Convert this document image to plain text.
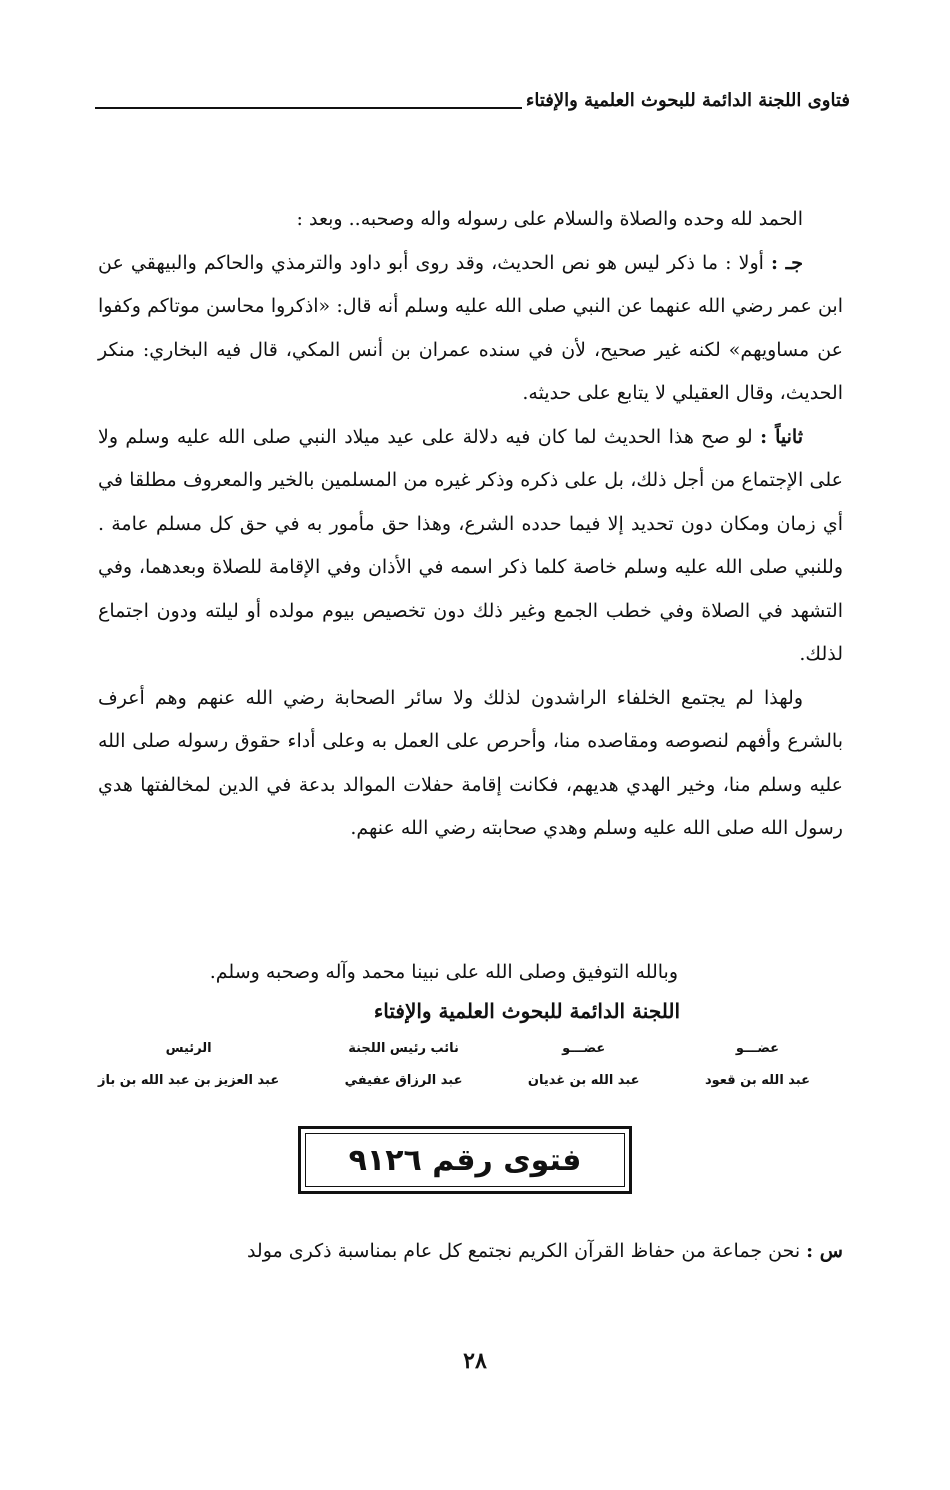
فتاوى اللجنة الدائمة للبحوث العلمية والإفتاء

الحمد لله وحده والصلاة والسلام على رسوله واله وصحبه.. وبعد :

جـ : أولا : ما ذكر ليس هو نص الحديث، وقد روى أبو داود والترمذي والحاكم والبيهقي عن ابن عمر رضي الله عنهما عن النبي صلى الله عليه وسلم أنه قال: «اذكروا محاسن موتاكم وكفوا عن مساويهم» لكنه غير صحيح، لأن في سنده عمران بن أنس المكي، قال فيه البخاري: منكر الحديث، وقال العقيلي لا يتابع على حديثه.

ثانياً : لو صح هذا الحديث لما كان فيه دلالة على عيد ميلاد النبي صلى الله عليه وسلم ولا على الإجتماع من أجل ذلك، بل على ذكره وذكر غيره من المسلمين بالخير والمعروف مطلقا في أي زمان ومكان دون تحديد إلا فيما حدده الشرع، وهذا حق مأمور به في حق كل مسلم عامة . وللنبي صلى الله عليه وسلم خاصة كلما ذكر اسمه في الأذان وفي الإقامة للصلاة وبعدهما، وفي التشهد في الصلاة وفي خطب الجمع وغير ذلك دون تخصيص بيوم مولده أو ليلته ودون اجتماع لذلك.

ولهذا لم يجتمع الخلفاء الراشدون لذلك ولا سائر الصحابة رضي الله عنهم وهم أعرف بالشرع وأفهم لنصوصه ومقاصده منا، وأحرص على العمل به وعلى أداء حقوق رسوله صلى الله عليه وسلم منا، وخير الهدي هديهم، فكانت إقامة حفلات الموالد بدعة في الدين لمخالفتها هدي رسول الله صلى الله عليه وسلم وهدي صحابته رضي الله عنهم.

وبالله التوفيق وصلى الله على نبينا محمد وآله وصحبه وسلم.
اللجنة الدائمة للبحوث العلمية والإفتاء
عضـــو
عبد الله بن قعود
عضـــو
عبد الله بن غديان
نائب رئيس اللجنة
عبد الرزاق عفيفي
الرئيس
عبد العزيز بن عبد الله بن باز
فتوى رقم ٩١٢٦
س : نحن جماعة من حفاظ القرآن الكريم نجتمع كل عام بمناسبة ذكرى مولد
٢٨
